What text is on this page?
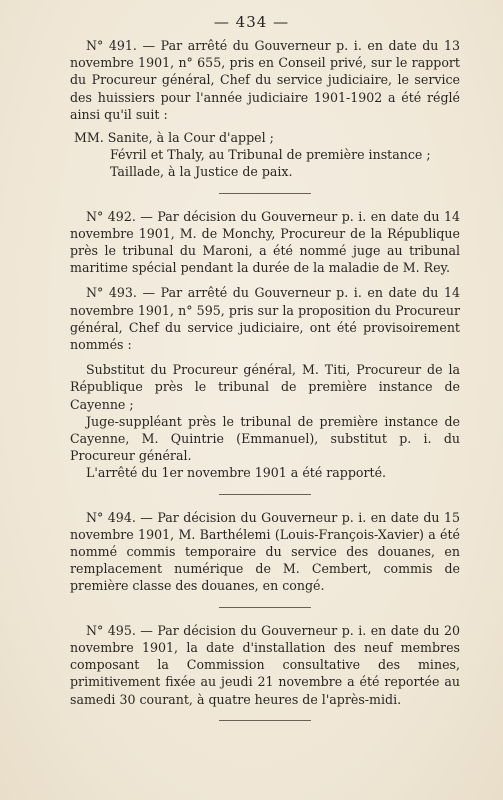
— 434 —

N° 491. — Par arrêté du Gouverneur p. i. en date du 13 novembre 1901, n° 655, pris en Conseil privé, sur le rapport du Procureur général, Chef du service judiciaire, le service des huissiers pour l'année judiciaire 1901-1902 a été réglé ainsi qu'il suit :

MM. Sanite, à la Cour d'appel ;

Févril et Thaly, au Tribunal de première instance ;

Taillade, à la Justice de paix.

N° 492. — Par décision du Gouverneur p. i. en date du 14 novembre 1901, M. de Monchy, Procureur de la République près le tribunal du Maroni, a été nommé juge au tribunal maritime spécial pendant la durée de la maladie de M. Rey.

N° 493. — Par arrêté du Gouverneur p. i. en date du 14 novembre 1901, n° 595, pris sur la proposition du Procureur général, Chef du service judiciaire, ont été provisoirement nommés :

Substitut du Procureur général, M. Titi, Procureur de la République près le tribunal de première instance de Cayenne ;

Juge-suppléant près le tribunal de première instance de Cayenne, M. Quintrie (Emmanuel), substitut p. i. du Procureur général.

L'arrêté du 1er novembre 1901 a été rapporté.

N° 494. — Par décision du Gouverneur p. i. en date du 15 novembre 1901, M. Barthélemi (Louis-François-Xavier) a été nommé commis temporaire du service des douanes, en remplacement numérique de M. Cembert, commis de première classe des douanes, en congé.

N° 495. — Par décision du Gouverneur p. i. en date du 20 novembre 1901, la date d'installation des neuf membres composant la Commission consultative des mines, primitivement fixée au jeudi 21 novembre a été reportée au samedi 30 courant, à quatre heures de l'après-midi.
